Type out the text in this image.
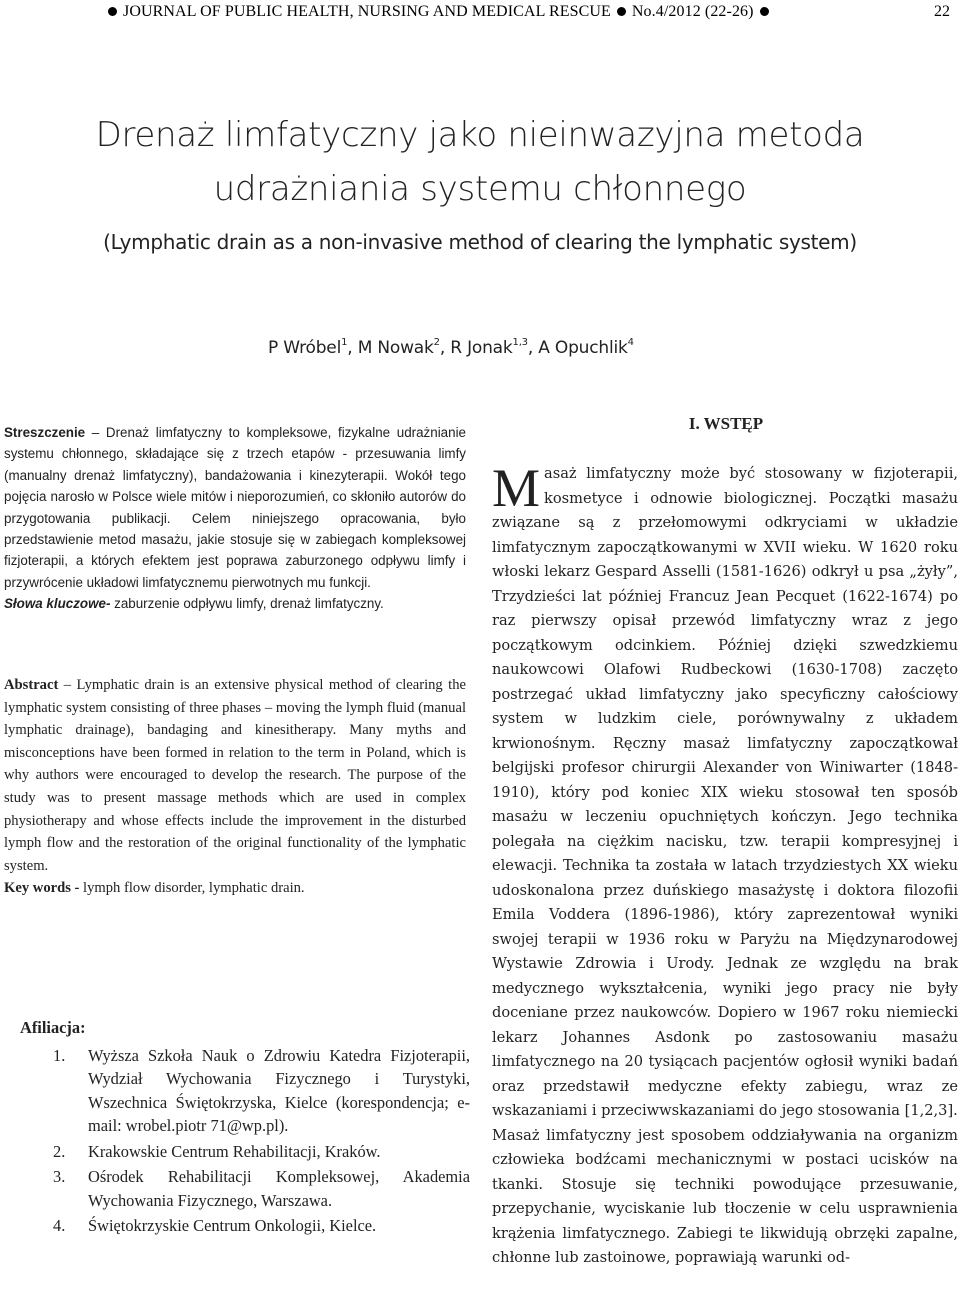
JOURNAL OF PUBLIC HEALTH, NURSING AND MEDICAL RESCUE No.4/2012 (22-26)	22
Drenaż limfatyczny jako nieinwazyjna metoda
udrażniania systemu chłonnego
(Lymphatic drain as a non-invasive method of clearing the lymphatic system)
P Wróbel$^1$, M Nowak$^2$, R Jonak$^{1,3}$, A Opuchlik$^4$

Streszczenie – Drenaż limfatyczny to kompleksowe, fizykalne udrażnianie systemu chłonnego, składające się z trzech etapów - przesuwania limfy (manualny drenaż limfatyczny), bandażowania i kinezyterapii. Wokół tego pojęcia narosło w Polsce wiele mitów i nieporozumień, co skłoniło autorów do przygotowania publikacji. Celem niniejszego opracowania, było przedstawienie metod masażu, jakie stosuje się w zabiegach kompleksowej fizjoterapii, a których efektem jest poprawa zaburzonego odpływu limfy i przywrócenie układowi limfatycznemu pierwotnych mu funkcji.

Słowa kluczowe- zaburzenie odpływu limfy, drenaż limfatyczny.

Abstract – Lymphatic drain is an extensive physical method of clearing the lymphatic system consisting of three phases – moving the lymph fluid (manual lymphatic drainage), bandaging and kinesitherapy. Many myths and misconceptions have been formed in relation to the term in Poland, which is why authors were encouraged to develop the research. The purpose of the study was to present massage methods which are used in complex physiotherapy and whose effects include the improvement in the disturbed lymph flow and the restoration of the original functionality of the lymphatic system.

Key words - lymph flow disorder, lymphatic drain.

Afiliacja:
1. Wyższa Szkoła Nauk o Zdrowiu Katedra Fizjoterapii, Wydział Wychowania Fizycznego i Turystyki, Wszechnica Świętokrzyska, Kielce (korespondencja; e-mail: wrobel.piotr 71@wp.pl).
2. Krakowskie Centrum Rehabilitacji, Kraków.
3. Ośrodek Rehabilitacji Kompleksowej, Akademia Wychowania Fizycznego, Warszawa.
4. Świętokrzyskie Centrum Onkologii, Kielce.
I. WSTĘP

Masaż limfatyczny może być stosowany w fizjoterapii, kosmetyce i odnowie biologicznej. Początki masażu związane są z przełomowymi odkryciami w układzie limfatycznym zapoczątkowanymi w XVII wieku. W 1620 roku włoski lekarz Gespard Asselli (1581-1626) odkrył u psa „żyły”, Trzydzieści lat później Francuz Jean Pecquet (1622-1674) po raz pierwszy opisał przewód limfatyczny wraz z jego początkowym odcinkiem. Później dzięki szwedzkiemu naukowcowi Olafowi Rudbeckowi (1630-1708) zaczęto postrzegać układ limfatyczny jako specyficzny całościowy system w ludzkim ciele, porównywalny z układem krwionośnym. Ręczny masaż limfatyczny zapoczątkował belgijski profesor chirurgii Alexander von Winiwarter (1848-1910), który pod koniec XIX wieku stosował ten sposób masażu w leczeniu opuchniętych kończyn. Jego technika polegała na ciężkim nacisku, tzw. terapii kompresyjnej i elewacji. Technika ta została w latach trzydziestych XX wieku udoskonalona przez duńskiego masażystę i doktora filozofii Emila Voddera (1896-1986), który zaprezentował wyniki swojej terapii w 1936 roku w Paryżu na Międzynarodowej Wystawie Zdrowia i Urody. Jednak ze względu na brak medycznego wykształcenia, wyniki jego pracy nie były doceniane przez naukowców. Dopiero w 1967 roku niemiecki lekarz Johannes Asdonk po zastosowaniu masażu limfatycznego na 20 tysiącach pacjentów ogłosił wyniki badań oraz przedstawił medyczne efekty zabiegu, wraz ze wskazaniami i przeciwwskazaniami do jego stosowania [1,2,3].

Masaż limfatyczny jest sposobem oddziaływania na organizm człowieka bodźcami mechanicznymi w postaci ucisków na tkanki. Stosuje się techniki powodujące przesuwanie, przepychanie, wyciskanie lub tłoczenie w celu usprawnienia krążenia limfatycznego. Zabiegi te likwidują obrzęki zapalne, chłonne lub zastoinowe, poprawiają warunki od-
